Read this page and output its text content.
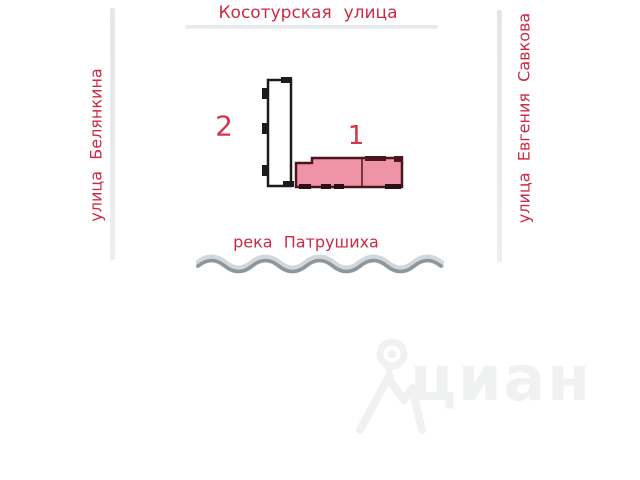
Косотурская улица
улица Белянкина	улица Евгения Савкова
2	1
река Патрушиха
циан
